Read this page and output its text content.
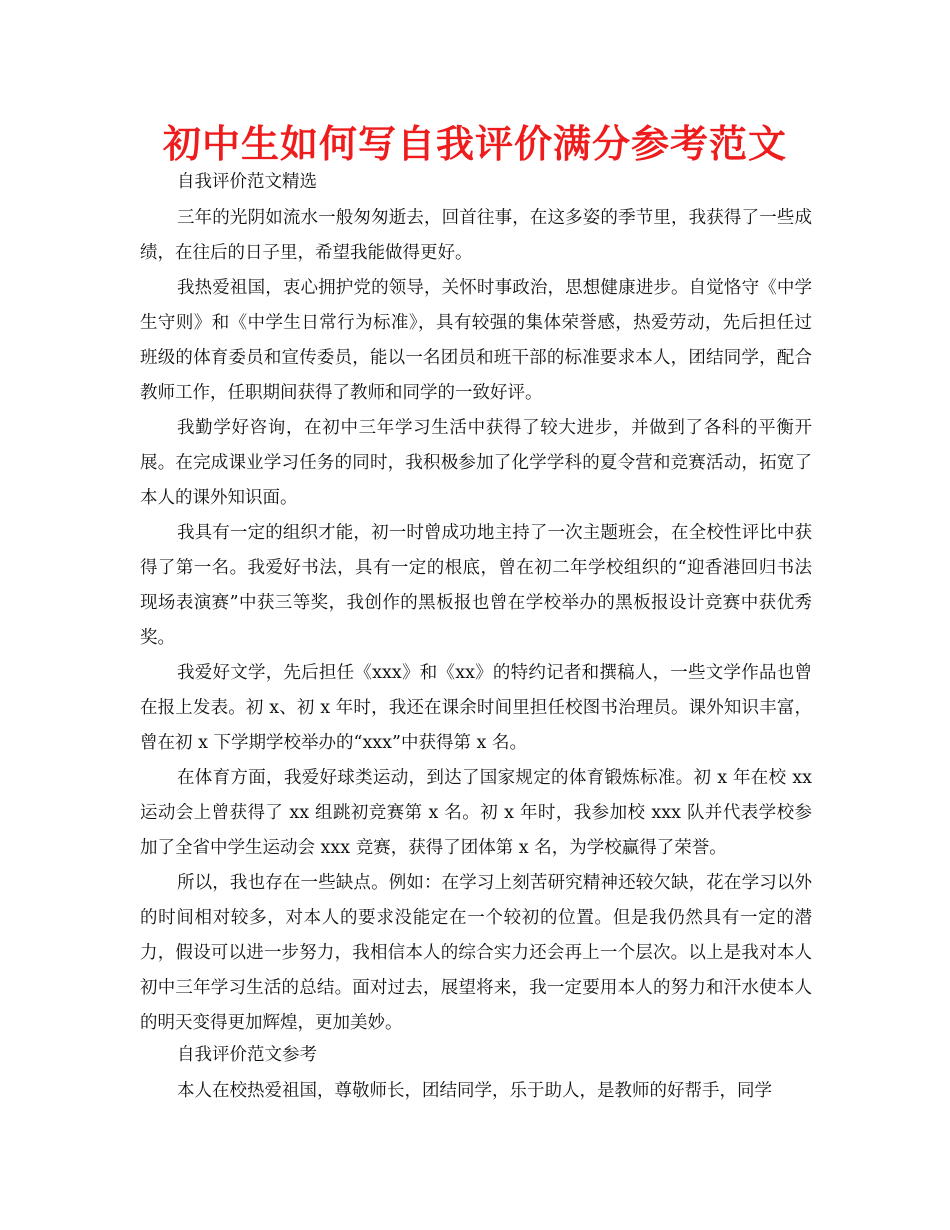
初中生如何写自我评价满分参考范文

自我评价范文精选

三年的光阴如流水一般匆匆逝去，回首往事，在这多姿的季节里，我获得了一些成绩，在往后的日子里，希望我能做得更好。

我热爱祖国，衷心拥护党的领导，关怀时事政治，思想健康进步。自觉恪守《中学生守则》和《中学生日常行为标准》，具有较强的集体荣誉感，热爱劳动，先后担任过班级的体育委员和宣传委员，能以一名团员和班干部的标准要求本人，团结同学，配合教师工作，任职期间获得了教师和同学的一致好评。

我勤学好咨询，在初中三年学习生活中获得了较大进步，并做到了各科的平衡开展。在完成课业学习任务的同时，我积极参加了化学学科的夏令营和竞赛活动，拓宽了本人的课外知识面。

我具有一定的组织才能，初一时曾成功地主持了一次主题班会，在全校性评比中获得了第一名。我爱好书法，具有一定的根底，曾在初二年学校组织的“迎香港回归书法现场表演赛”中获三等奖，我创作的黑板报也曾在学校举办的黑板报设计竞赛中获优秀奖。

我爱好文学，先后担任《xxx》和《xx》的特约记者和撰稿人，一些文学作品也曾在报上发表。初 x、初 x 年时，我还在课余时间里担任校图书治理员。课外知识丰富，曾在初 x 下学期学校举办的“xxx”中获得第 x 名。

在体育方面，我爱好球类运动，到达了国家规定的体育锻炼标准。初 x 年在校 xx 运动会上曾获得了 xx 组跳初竞赛第 x 名。初 x 年时，我参加校 xxx 队并代表学校参加了全省中学生运动会 xxx 竞赛，获得了团体第 x 名，为学校赢得了荣誉。

所以，我也存在一些缺点。例如：在学习上刻苦研究精神还较欠缺，花在学习以外的时间相对较多，对本人的要求没能定在一个较初的位置。但是我仍然具有一定的潜力，假设可以进一步努力，我相信本人的综合实力还会再上一个层次。以上是我对本人初中三年学习生活的总结。面对过去，展望将来，我一定要用本人的努力和汗水使本人的明天变得更加辉煌，更加美妙。

自我评价范文参考

本人在校热爱祖国，尊敬师长，团结同学，乐于助人，是教师的好帮手，同学
